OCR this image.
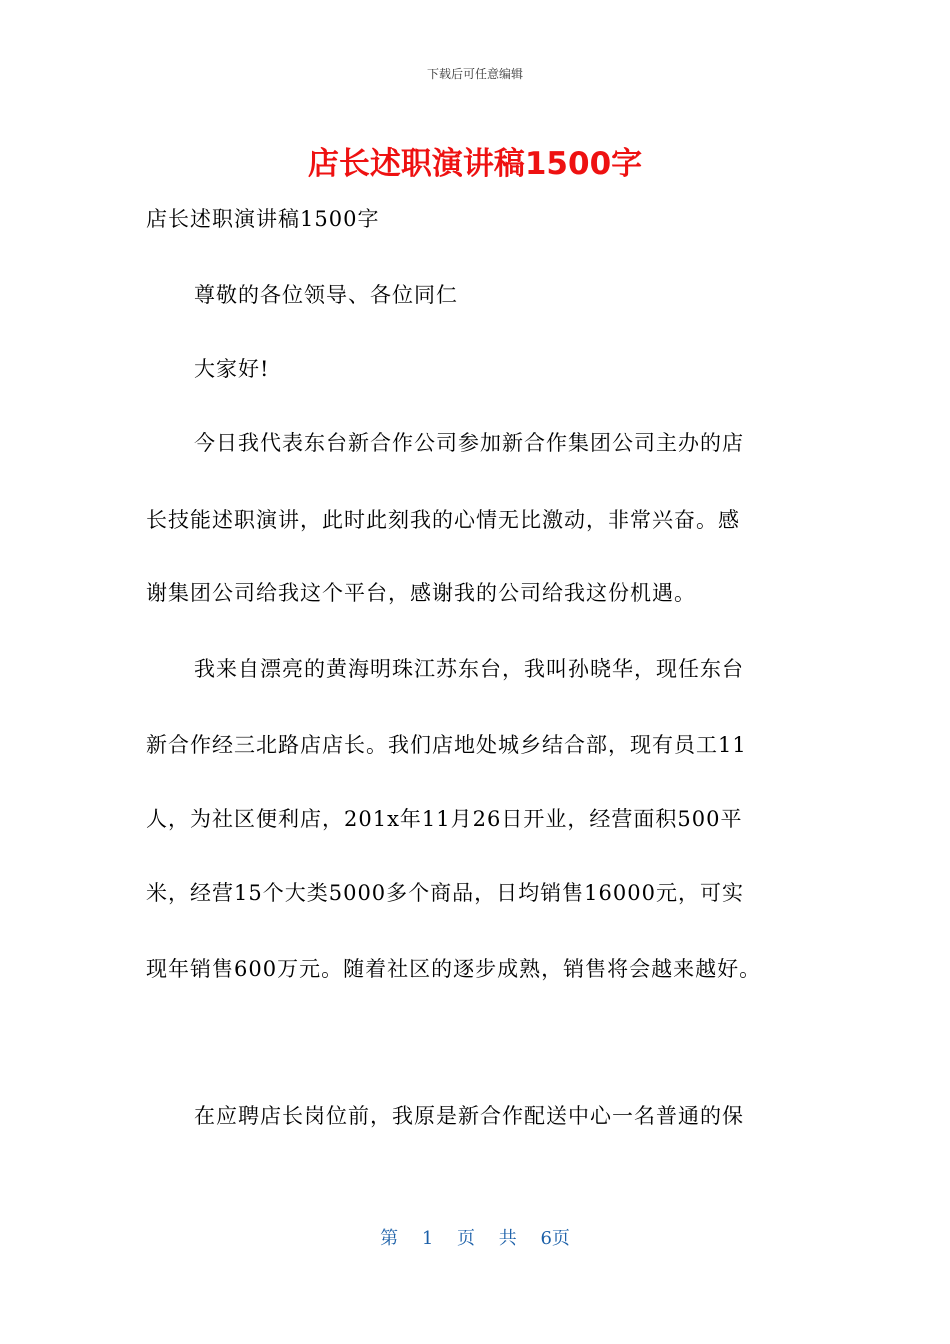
下载后可任意编辑
店长述职演讲稿1500字
店长述职演讲稿1500字
尊敬的各位领导、各位同仁
大家好!
今日我代表东台新合作公司参加新合作集团公司主办的店
长技能述职演讲，此时此刻我的心情无比激动，非常兴奋。感
谢集团公司给我这个平台，感谢我的公司给我这份机遇。
我来自漂亮的黄海明珠江苏东台，我叫孙晓华，现任东台
新合作经三北路店店长。我们店地处城乡结合部，现有员工11
人，为社区便利店，201x年11月26日开业，经营面积500平
米，经营15个大类5000多个商品，日均销售16000元，可实
现年销售600万元。随着社区的逐步成熟，销售将会越来越好。
在应聘店长岗位前，我原是新合作配送中心一名普通的保
第 1 页 共 6页
